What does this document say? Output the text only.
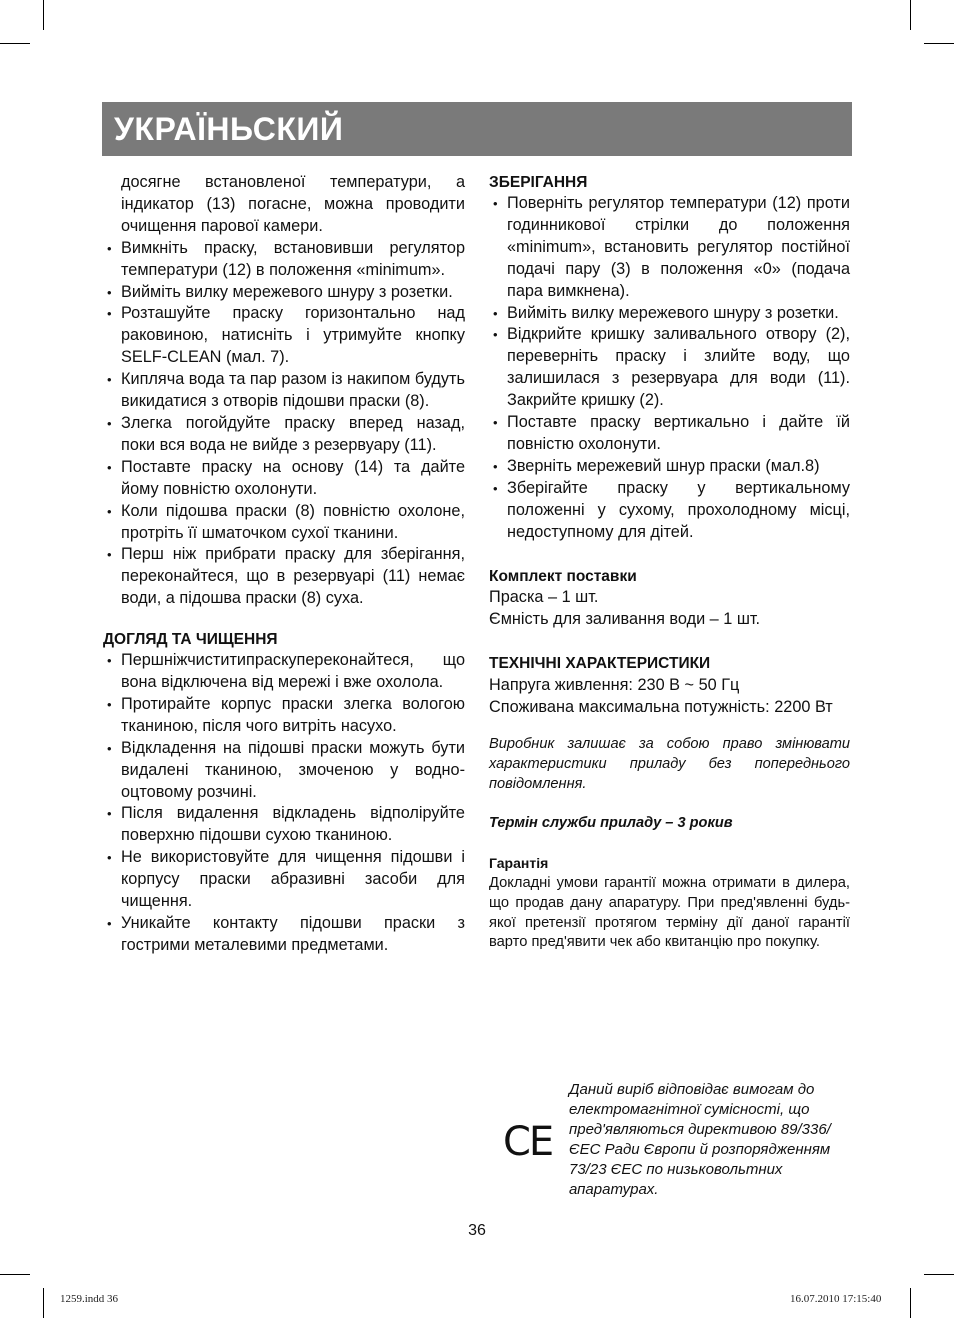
УКРАЇНЬСКИЙ
досягне встановленої температури, а індикатор (13) погасне, можна проводити очищення парової камери.
• Вимкніть праску, встановивши регулятор температури (12) в положення «minimum».
• Вийміть вилку мережевого шнуру з розетки.
• Розташуйте праску горизонтально над раковиною, натисніть і утримуйте кнопку SELF-CLEAN (мал. 7).
• Кипляча вода та пар разом із накипом будуть викидатися з отворів підошви праски (8).
• Злегка погойдуйте праску вперед назад, поки вся вода не вийде з резервуару (11).
• Поставте праску на основу (14) та дайте йому повністю охолонути.
• Коли підошва праски (8) повністю охолоне, протріть її шматочком сухої тканини.
• Перш ніж прибрати праску для зберігання, переконайтеся, що в резервуарі (11) немає води, а підошва праски (8) суха.

ДОГЛЯД ТА ЧИЩЕННЯ

• Першніжчиститипраскупереконайтеся, що вона відключена від мережі і вже охолола.
• Протирайте корпус праски злегка вологою тканиною, після чого витріть насухо.
• Відкладення на підошві праски можуть бути видалені тканиною, змоченою у водно-оцтовому розчині.
• Після видалення відкладень відполіруйте поверхню підошви сухою тканиною.
• Не використовуйте для чищення підошви і корпусу праски абразивні засоби для чищення.
• Уникайте контакту підошви праски з гострими металевими предметами.

ЗБЕРІГАННЯ

• Поверніть регулятор температури (12) проти годинникової стрілки до положення «minimum», встановить регулятор постійної подачі пару (3) в положення «0» (подача пара вимкнена).
• Вийміть вилку мережевого шнуру з розетки.
• Відкрийте кришку заливального отвору (2), переверніть праску і злийте воду, що залишилася з резервуара для води (11). Закрийте кришку (2).
• Поставте праску вертикально і дайте їй повністю охолонути.
• Зверніть мережевий шнур праски (мал.8)
• Зберігайте праску у вертикальному положенні у сухому, прохолодному місці, недоступному для дітей.

Комплект поставки

Праска – 1 шт.
Ємність для заливання води – 1 шт.

ТЕХНІЧНІ ХАРАКТЕРИСТИКИ

Напруга живлення: 230 В ~ 50 Гц
Споживана максимальна потужність: 2200 Вт
Виробник залишає за собою право змінювати характеристики приладу без попереднього повідомлення.
Термін служби приладу – 3 рокив

Гарантія

Докладні умови гарантії можна отримати в дилера, що продав дану апаратуру. При пред'явленні будь-якої претензії протягом терміну дії даної гарантії варто пред'явити чек або квитанцію про покупку.
CE
Даний виріб відповідає вимогам до електромагнітної сумісності, що пред'являються директивою 89/336/ЄЕС Ради Європи й розпорядженням 73/23 ЄЕС по низьковольтних апаратурах.
36
1259.indd 36	16.07.2010 17:15:40
